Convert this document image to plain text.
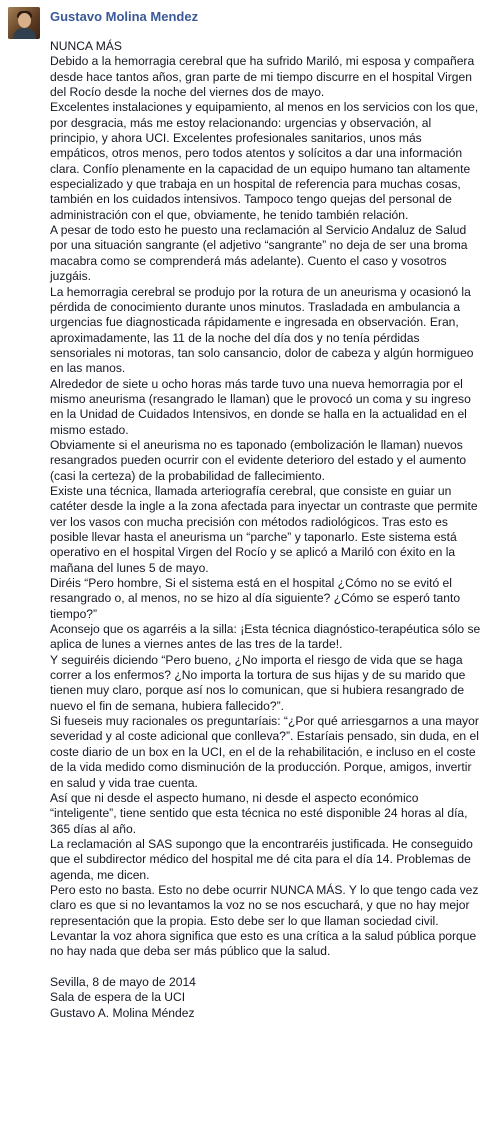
Gustavo Molina Mendez

NUNCA MÁS

Debido a la hemorragia cerebral que ha sufrido Mariló, mi esposa y compañera desde hace tantos años, gran parte de mi tiempo discurre en el hospital Virgen del Rocío desde la noche del viernes dos de mayo.

Excelentes instalaciones y equipamiento, al menos en los servicios con los que, por desgracia, más me estoy relacionando: urgencias y observación, al principio, y ahora UCI. Excelentes profesionales sanitarios, unos más empáticos, otros menos, pero todos atentos y solícitos a dar una información clara. Confío plenamente en la capacidad de un equipo humano tan altamente especializado y que trabaja en un hospital de referencia para muchas cosas, también en los cuidados intensivos. Tampoco tengo quejas del personal de administración con el que, obviamente, he tenido también relación.

A pesar de todo esto he puesto una reclamación al Servicio Andaluz de Salud por una situación sangrante (el adjetivo “sangrante” no deja de ser una broma macabra como se comprenderá más adelante). Cuento el caso y vosotros juzgáis.

La hemorragia cerebral se produjo por la rotura de un aneurisma y ocasionó la pérdida de conocimiento durante unos minutos. Trasladada en ambulancia a urgencias fue diagnosticada rápidamente e ingresada en observación. Eran, aproximadamente, las 11 de la noche del día dos y no tenía pérdidas sensoriales ni motoras, tan solo cansancio, dolor de cabeza y algún hormigueo en las manos.

Alrededor de siete u ocho horas más tarde tuvo una nueva hemorragia por el mismo aneurisma (resangrado le llaman) que le provocó un coma y su ingreso en la Unidad de Cuidados Intensivos, en donde se halla en la actualidad en el mismo estado.

Obviamente si el aneurisma no es taponado (embolización le llaman) nuevos resangrados pueden ocurrir con el evidente deterioro del estado y el aumento (casi la certeza) de la probabilidad de fallecimiento.

Existe una técnica, llamada arteriografía cerebral, que consiste en guiar un catéter desde la ingle a la zona afectada para inyectar un contraste que permite ver los vasos con mucha precisión con métodos radiológicos. Tras esto es posible llevar hasta el aneurisma un “parche” y taponarlo. Este sistema está operativo en el hospital Virgen del Rocío y se aplicó a Mariló con éxito en la mañana del lunes 5 de mayo.

Diréis “Pero hombre, Si el sistema está en el hospital ¿Cómo no se evitó el resangrado o, al menos, no se hizo al día siguiente? ¿Cómo se esperó tanto tiempo?”

Aconsejo que os agarréis a la silla: ¡Esta técnica diagnóstico-terapéutica sólo se aplica de lunes a viernes antes de las tres de la tarde!.

Y seguiréis diciendo “Pero bueno, ¿No importa el riesgo de vida que se haga correr a los enfermos? ¿No importa la tortura de sus hijas y de su marido que tienen muy claro, porque así nos lo comunican, que si hubiera resangrado de nuevo el fin de semana, hubiera fallecido?”.

Si fueseis muy racionales os preguntaríais: “¿Por qué arriesgarnos a una mayor severidad y al coste adicional que conlleva?”. Estaríais pensado, sin duda, en el coste diario de un box en la UCI, en el de la rehabilitación, e incluso en el coste de la vida medido como disminución de la producción. Porque, amigos, invertir en salud y vida trae cuenta.

Así que ni desde el aspecto humano, ni desde el aspecto económico “inteligente”, tiene sentido que esta técnica no esté disponible 24 horas al día, 365 días al año.

La reclamación al SAS supongo que la encontraréis justificada. He conseguido que el subdirector médico del hospital me dé cita para el día 14. Problemas de agenda, me dicen.

Pero esto no basta. Esto no debe ocurrir NUNCA MÁS. Y lo que tengo cada vez claro es que si no levantamos la voz no se nos escuchará, y que no hay mejor representación que la propia. Esto debe ser lo que llaman sociedad civil.

Levantar la voz ahora significa que esto es una crítica a la salud pública porque no hay nada que deba ser más público que la salud.

Sevilla, 8 de mayo de 2014

Sala de espera de la UCI

Gustavo A. Molina Méndez
